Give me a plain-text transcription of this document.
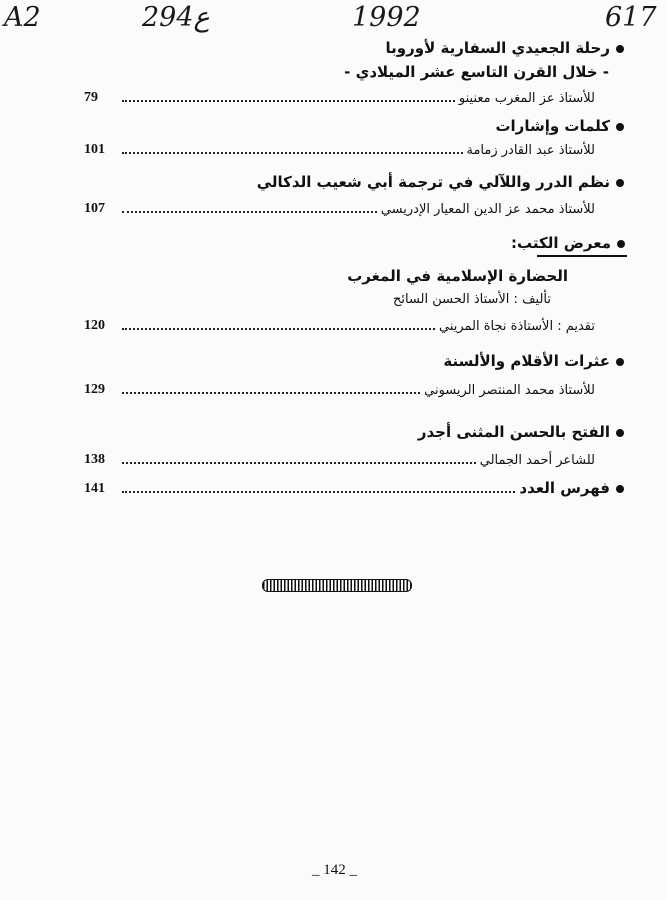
A2	294ع	1992	617
رحلة الجعيدي السفارية لأوروبا
- خلال القرن التاسع عشر الميلادي -
79	للأستاذ عز المغرب معنينو
كلمات وإشارات
101	للأستاذ عبد القادر زمامة
نظم الدرر واللآلي في ترجمة أبي شعيب الدكالي
107	للأستاذ محمد عز الدين المعيار الإدريسي
معرض الكتب:
الحضارة الإسلامية في المغرب
تأليف : الأستاذ الحسن السائح
120	تقديم : الأستاذة نجاة المريني
عثرات الأقلام والألسنة
129	للأستاذ محمد المنتصر الريسوني
الفتح بالحسن المثنى أجدر
138	للشاعر أحمد الجمالي
141	فهرس العدد
_ 142 _
